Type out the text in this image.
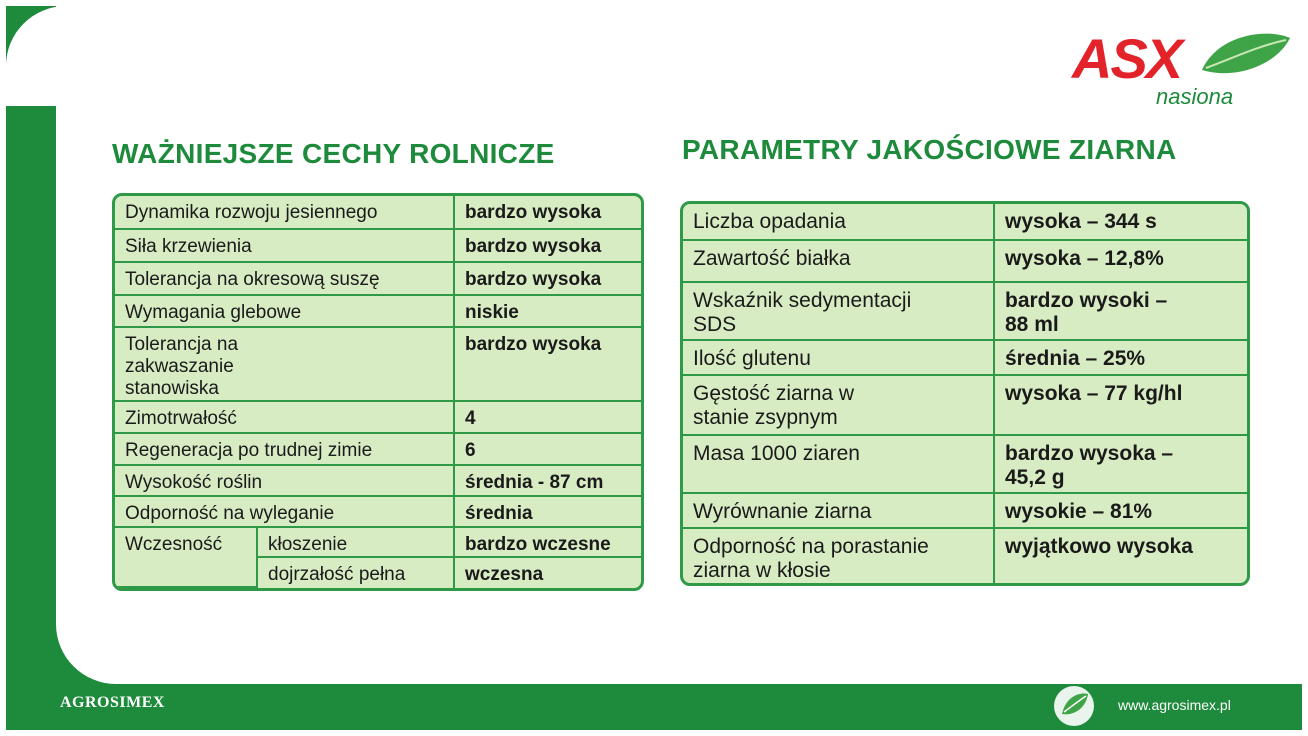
ASX
nasiona
WAŻNIEJSZE CECHY ROLNICZE	PARAMETRY JAKOŚCIOWE ZIARNA
Dynamika rozwoju jesiennego		bardzo wysoka
Siła krzewienia		bardzo wysoka
Tolerancja na okresową suszę		bardzo wysoka
Wymagania glebowe		niskie
Tolerancja na zakwaszanie stanowiska		bardzo wysoka
Zimotrwałość		4
Regeneracja po trudnej zimie		6
Wysokość roślin		średnia - 87 cm
Odporność na wyleganie		średnia
Wczesność	kłoszenie	bardzo wczesne
	dojrzałość pełna	wczesna
Liczba opadania	wysoka – 344 s
Zawartość białka	wysoka – 12,8%
Wskaźnik sedymentacji SDS	bardzo wysoki – 88 ml
Ilość glutenu	średnia – 25%
Gęstość ziarna w stanie zsypnym	wysoka – 77 kg/hl
Masa 1000 ziaren	bardzo wysoka – 45,2 g
Wyrównanie ziarna	wysokie – 81%
Odporność na porastanie ziarna w kłosie	wyjątkowo wysoka
AGROSIMEX	www.agrosimex.pl
